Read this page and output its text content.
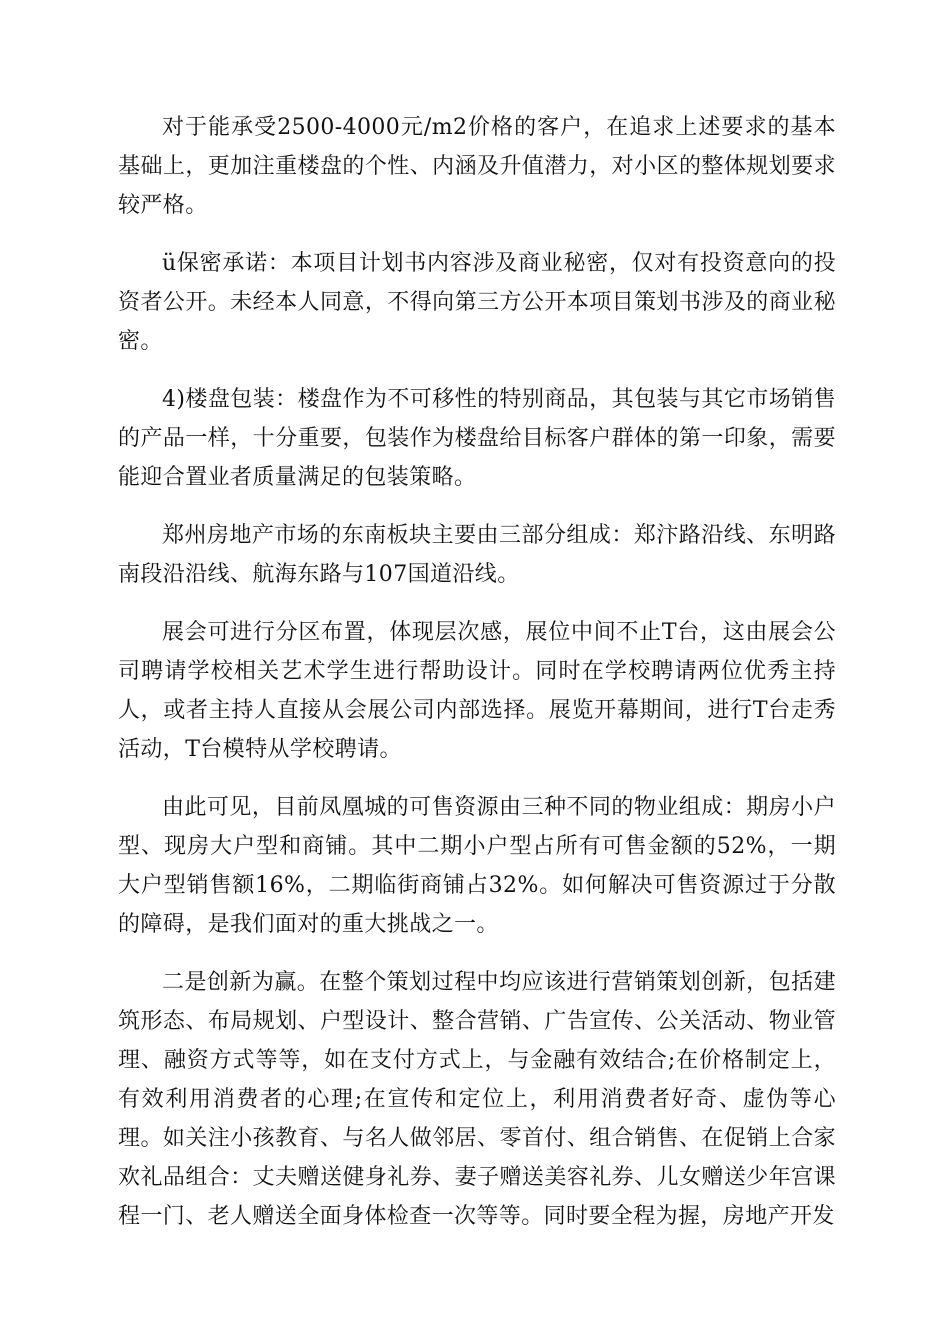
对于能承受2500-4000元/m2价格的客户，在追求上述要求的基本基础上，更加注重楼盘的个性、内涵及升值潜力，对小区的整体规划要求较严格。

ü保密承诺：本项目计划书内容涉及商业秘密，仅对有投资意向的投资者公开。未经本人同意，不得向第三方公开本项目策划书涉及的商业秘密。

4)楼盘包装：楼盘作为不可移性的特别商品，其包装与其它市场销售的产品一样，十分重要，包装作为楼盘给目标客户群体的第一印象，需要能迎合置业者质量满足的包装策略。

郑州房地产市场的东南板块主要由三部分组成：郑汴路沿线、东明路南段沿沿线、航海东路与107国道沿线。

展会可进行分区布置，体现层次感，展位中间不止T台，这由展会公司聘请学校相关艺术学生进行帮助设计。同时在学校聘请两位优秀主持人，或者主持人直接从会展公司内部选择。展览开幕期间，进行T台走秀活动，T台模特从学校聘请。

由此可见，目前凤凰城的可售资源由三种不同的物业组成：期房小户型、现房大户型和商铺。其中二期小户型占所有可售金额的52%，一期大户型销售额16%，二期临街商铺占32%。如何解决可售资源过于分散的障碍，是我们面对的重大挑战之一。

二是创新为赢。在整个策划过程中均应该进行营销策划创新，包括建筑形态、布局规划、户型设计、整合营销、广告宣传、公关活动、物业管理、融资方式等等，如在支付方式上，与金融有效结合;在价格制定上，有效利用消费者的心理;在宣传和定位上，利用消费者好奇、虚伪等心理。如关注小孩教育、与名人做邻居、零首付、组合销售、在促销上合家欢礼品组合：丈夫赠送健身礼券、妻子赠送美容礼券、儿女赠送少年宫课程一门、老人赠送全面身体检查一次等等。同时要全程为握，房地产开发
